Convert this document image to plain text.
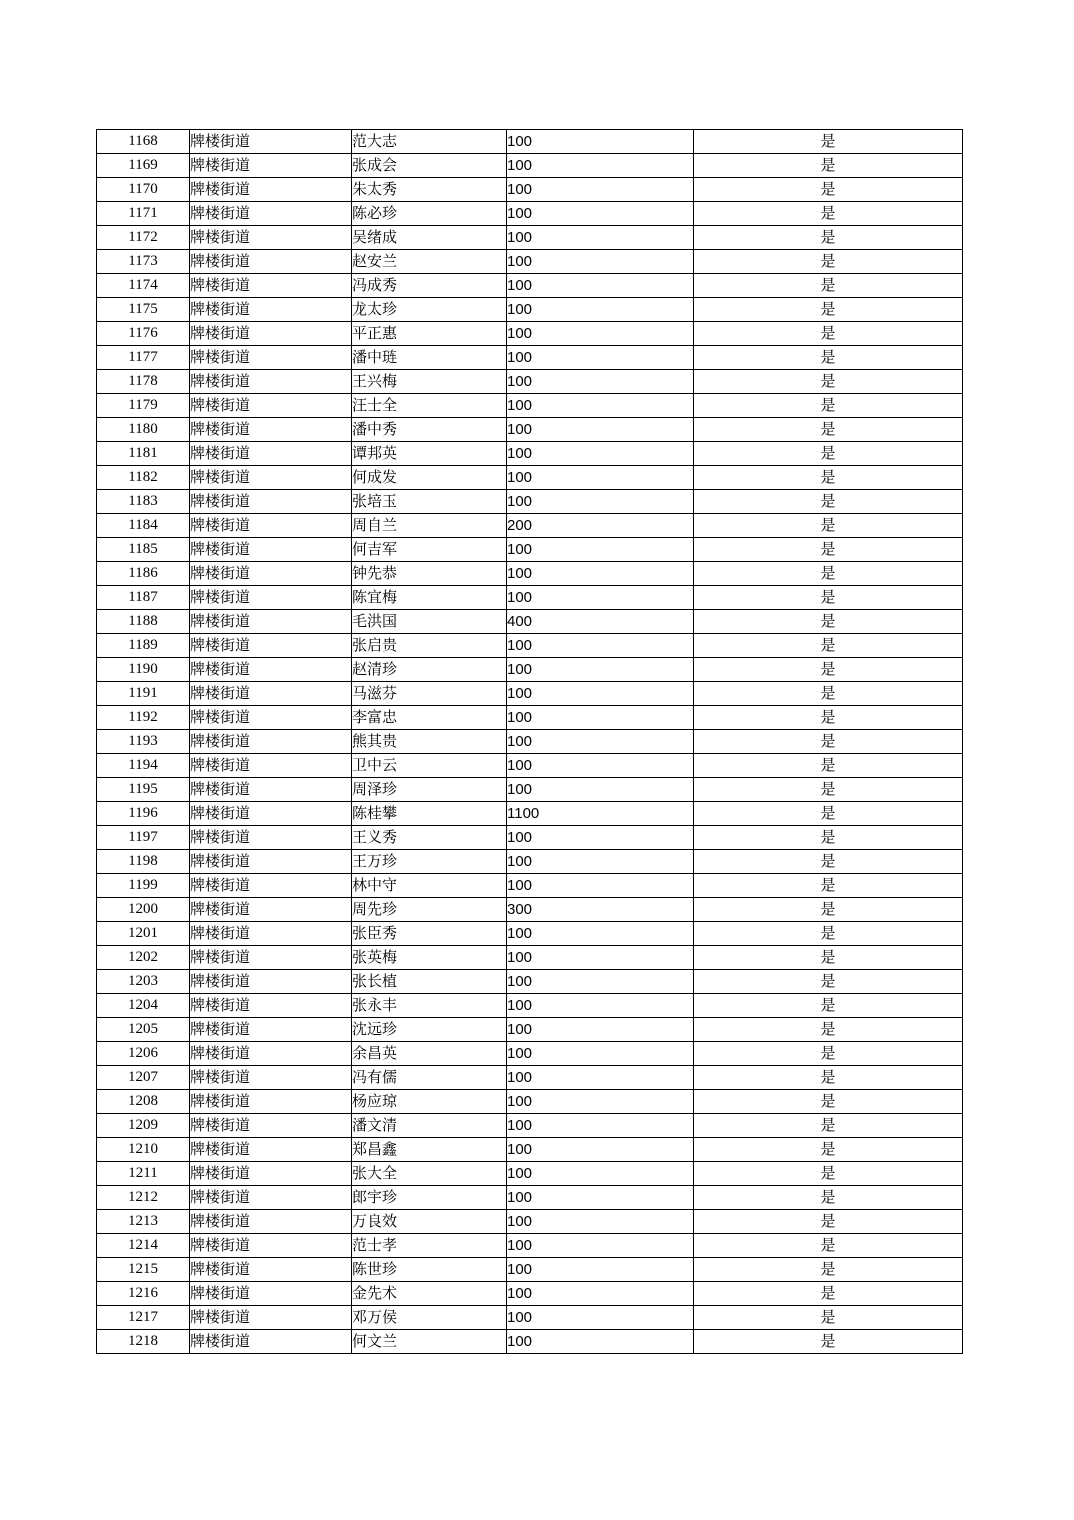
1168	牌楼街道	范大志	100	是
1169	牌楼街道	张成会	100	是
1170	牌楼街道	朱太秀	100	是
1171	牌楼街道	陈必珍	100	是
1172	牌楼街道	吴绪成	100	是
1173	牌楼街道	赵安兰	100	是
1174	牌楼街道	冯成秀	100	是
1175	牌楼街道	龙太珍	100	是
1176	牌楼街道	平正惠	100	是
1177	牌楼街道	潘中琏	100	是
1178	牌楼街道	王兴梅	100	是
1179	牌楼街道	汪士全	100	是
1180	牌楼街道	潘中秀	100	是
1181	牌楼街道	谭邦英	100	是
1182	牌楼街道	何成发	100	是
1183	牌楼街道	张培玉	100	是
1184	牌楼街道	周自兰	200	是
1185	牌楼街道	何吉军	100	是
1186	牌楼街道	钟先恭	100	是
1187	牌楼街道	陈宜梅	100	是
1188	牌楼街道	毛洪国	400	是
1189	牌楼街道	张启贵	100	是
1190	牌楼街道	赵清珍	100	是
1191	牌楼街道	马滋芬	100	是
1192	牌楼街道	李富忠	100	是
1193	牌楼街道	熊其贵	100	是
1194	牌楼街道	卫中云	100	是
1195	牌楼街道	周泽珍	100	是
1196	牌楼街道	陈桂攀	1100	是
1197	牌楼街道	王义秀	100	是
1198	牌楼街道	王万珍	100	是
1199	牌楼街道	林中守	100	是
1200	牌楼街道	周先珍	300	是
1201	牌楼街道	张臣秀	100	是
1202	牌楼街道	张英梅	100	是
1203	牌楼街道	张长植	100	是
1204	牌楼街道	张永丰	100	是
1205	牌楼街道	沈远珍	100	是
1206	牌楼街道	余昌英	100	是
1207	牌楼街道	冯有儒	100	是
1208	牌楼街道	杨应琼	100	是
1209	牌楼街道	潘文清	100	是
1210	牌楼街道	郑昌鑫	100	是
1211	牌楼街道	张大全	100	是
1212	牌楼街道	郎宇珍	100	是
1213	牌楼街道	万良效	100	是
1214	牌楼街道	范士孝	100	是
1215	牌楼街道	陈世珍	100	是
1216	牌楼街道	金先术	100	是
1217	牌楼街道	邓万侯	100	是
1218	牌楼街道	何文兰	100	是
